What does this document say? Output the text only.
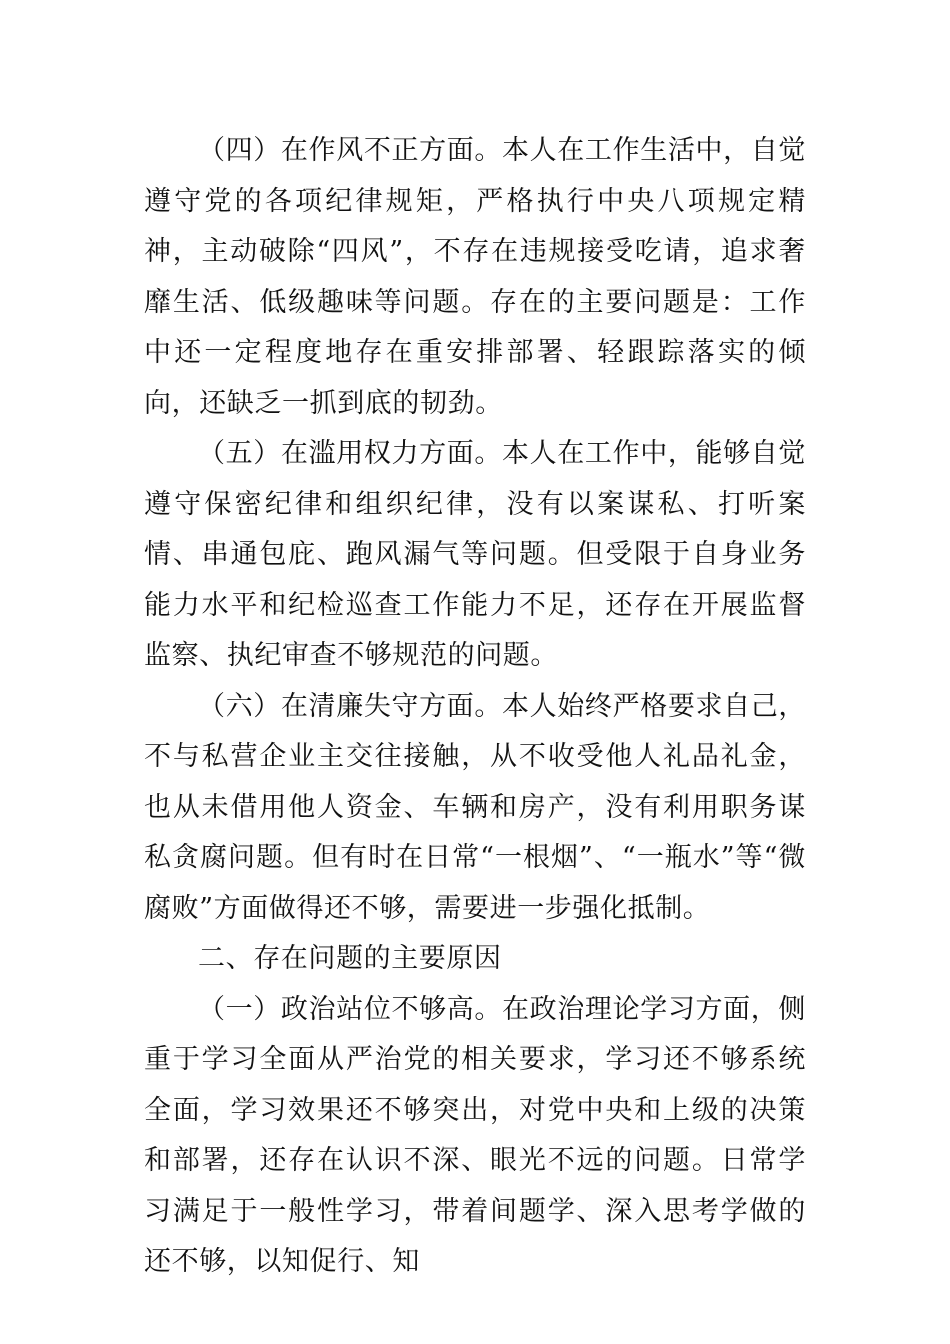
（四）在作风不正方面。本人在工作生活中，自觉遵守党的各项纪律规矩，严格执行中央八项规定精神，主动破除“四风”，不存在违规接受吃请，追求奢靡生活、低级趣味等问题。存在的主要问题是：工作中还一定程度地存在重安排部署、轻跟踪落实的倾向，还缺乏一抓到底的韧劲。

（五）在滥用权力方面。本人在工作中，能够自觉遵守保密纪律和组织纪律，没有以案谋私、打听案情、串通包庇、跑风漏气等问题。但受限于自身业务能力水平和纪检巡查工作能力不足，还存在开展监督监察、执纪审查不够规范的问题。

（六）在清廉失守方面。本人始终严格要求自己，不与私营企业主交往接触，从不收受他人礼品礼金，也从未借用他人资金、车辆和房产，没有利用职务谋私贪腐问题。但有时在日常“一根烟”、“一瓶水”等“微腐败”方面做得还不够，需要进一步强化抵制。

二、存在问题的主要原因

（一）政治站位不够高。在政治理论学习方面，侧重于学习全面从严治党的相关要求，学习还不够系统全面，学习效果还不够突出，对党中央和上级的决策和部署，还存在认识不深、眼光不远的问题。日常学习满足于一般性学习，带着间题学、深入思考学做的还不够，以知促行、知
